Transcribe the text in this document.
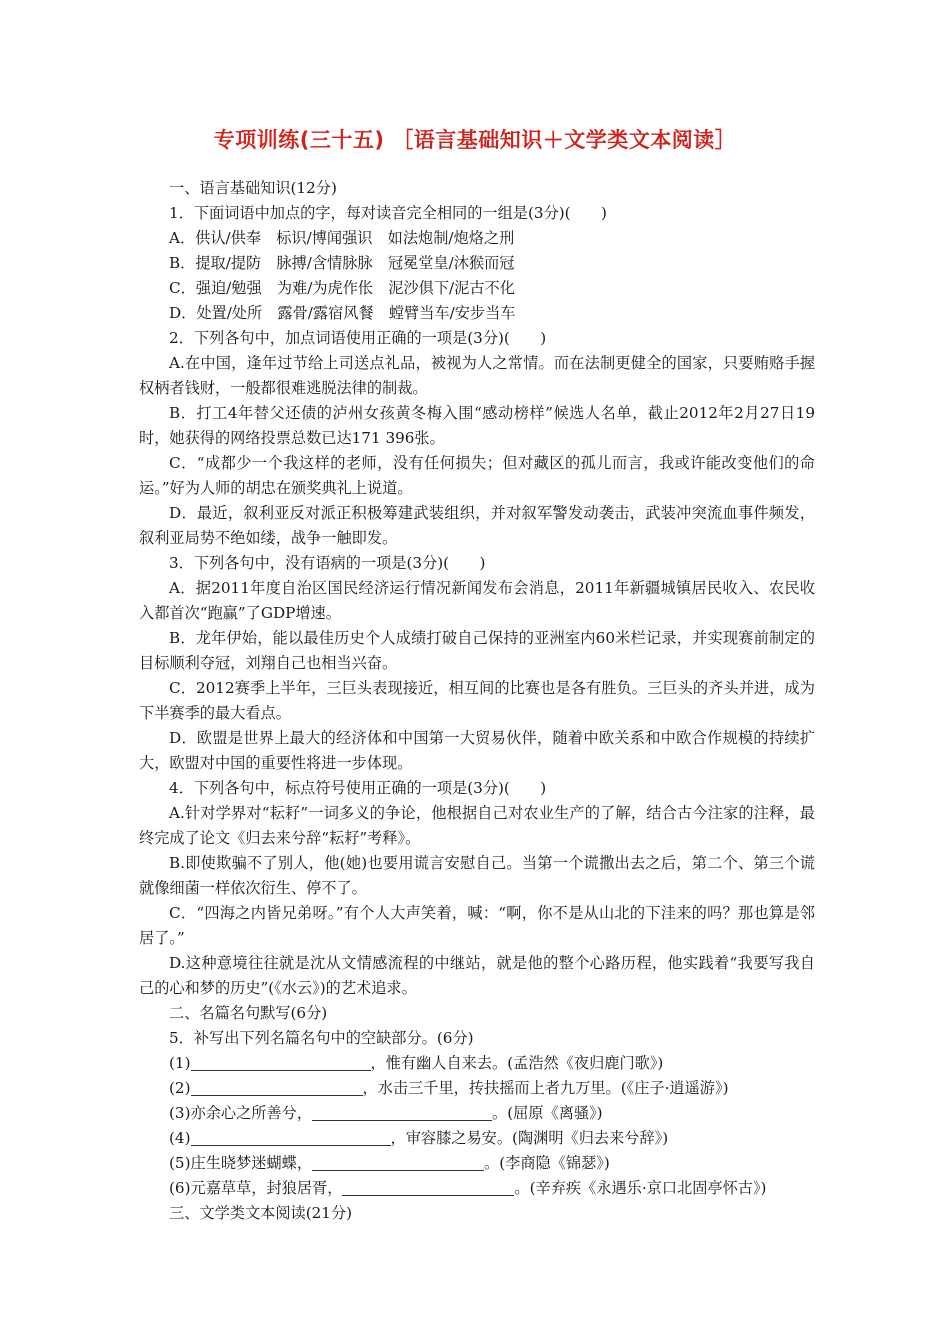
专项训练(三十五) ［语言基础知识＋文学类文本阅读］
一、语言基础知识(12分)
1．下面词语中加点的字，每对读音完全相同的一组是(3分)(　　)
A．供认/供奉　标识/博闻强识　如法炮制/炮烙之刑
B．提取/提防　脉搏/含情脉脉　冠冕堂皇/沐猴而冠
C．强迫/勉强　为难/为虎作伥　泥沙俱下/泥古不化
D．处置/处所　露骨/露宿风餐　螳臂当车/安步当车
2．下列各句中，加点词语使用正确的一项是(3分)(　　)
A.在中国，逢年过节给上司送点礼品，被视为人之常情。而在法制更健全的国家，只要贿赂手握权柄者钱财，一般都很难逃脱法律的制裁。
B．打工4年替父还债的泸州女孩黄冬梅入围“感动榜样”候选人名单，截止2012年2月27日19时，她获得的网络投票总数已达171 396张。
C．“成都少一个我这样的老师，没有任何损失；但对藏区的孤儿而言，我或许能改变他们的命运。”好为人师的胡忠在颁奖典礼上说道。
D．最近，叙利亚反对派正积极筹建武装组织，并对叙军警发动袭击，武装冲突流血事件频发，叙利亚局势不绝如缕，战争一触即发。
3．下列各句中，没有语病的一项是(3分)(　　)
A．据2011年度自治区国民经济运行情况新闻发布会消息，2011年新疆城镇居民收入、农民收入都首次“跑赢”了GDP增速。
B．龙年伊始，能以最佳历史个人成绩打破自己保持的亚洲室内60米栏记录，并实现赛前制定的目标顺利夺冠，刘翔自己也相当兴奋。
C．2012赛季上半年，三巨头表现接近，相互间的比赛也是各有胜负。三巨头的齐头并进，成为下半赛季的最大看点。
D．欧盟是世界上最大的经济体和中国第一大贸易伙伴，随着中欧关系和中欧合作规模的持续扩大，欧盟对中国的重要性将进一步体现。
4．下列各句中，标点符号使用正确的一项是(3分)(　　)
A.针对学界对“耘耔”一词多义的争论，他根据自己对农业生产的了解，结合古今注家的注释，最终完成了论文《归去来兮辞“耘耔”考释》。
B.即使欺骗不了别人，他(她)也要用谎言安慰自己。当第一个谎撒出去之后，第二个、第三个谎就像细菌一样依次衍生、停不了。
C．“四海之内皆兄弟呀。”有个人大声笑着，喊：“啊，你不是从山北的下洼来的吗？那也算是邻居了。”
D.这种意境往往就是沈从文情感流程的中继站，就是他的整个心路历程，他实践着“我要写我自己的心和梦的历史”(《水云》)的艺术追求。
二、名篇名句默写(6分)
5．补写出下列名篇名句中的空缺部分。(6分)
(1)	，惟有幽人自来去。(孟浩然《夜归鹿门歌》)
(2)	，水击三千里，抟扶摇而上者九万里。(《庄子·逍遥游》)
(3)亦余心之所善兮，	。(屈原《离骚》)
(4)	，审容膝之易安。(陶渊明《归去来兮辞》)
(5)庄生晓梦迷蝴蝶，	。(李商隐《锦瑟》)
(6)元嘉草草，封狼居胥，	。(辛弃疾《永遇乐·京口北固亭怀古》)
三、文学类文本阅读(21分)
